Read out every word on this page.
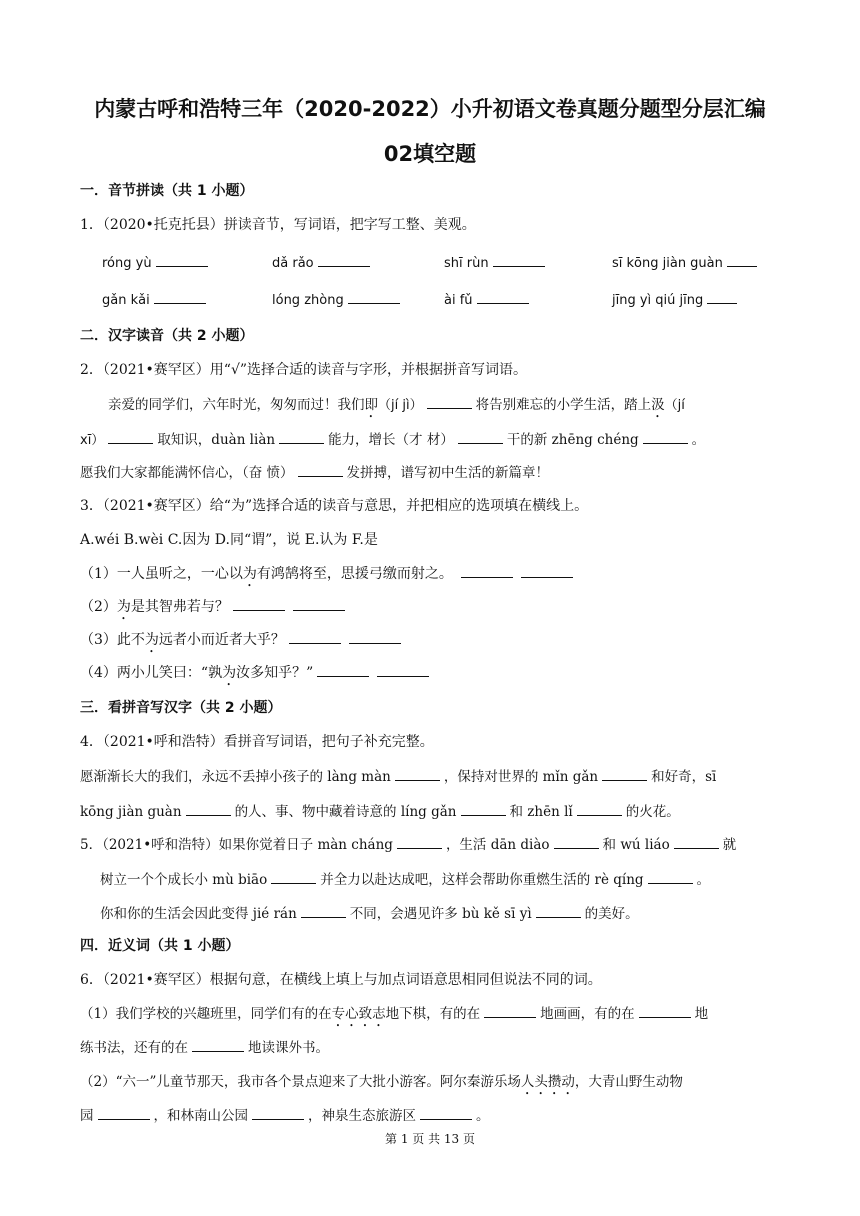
内蒙古呼和浩特三年（2020-2022）小升初语文卷真题分题型分层汇编
02填空题
一．音节拼读（共 1 小题）
1．（2020•托克托县）拼读音节，写词语，把字写工整、美观。
róng yù	dǎ rǎo	shī rùn	sī kōng jiàn guàn
gǎn kǎi	lóng zhòng	ài fǔ	jīng yì qiú jīng
二．汉字读音（共 2 小题）
2．（2021•赛罕区）用“√”选择合适的读音与字形，并根据拼音写词语。
亲爱的同学们，六年时光，匆匆而过！我们即（jí jì）	将告别难忘的小学生活，踏上汲（jí
xī）	取知识，duàn liàn	能力，增长（才 材）	干的新 zhēng chéng	。
愿我们大家都能满怀信心，（奋 愤）	发拼搏，谱写初中生活的新篇章！
3．（2021•赛罕区）给“为”选择合适的读音与意思，并把相应的选项填在横线上。
A.wéi B.wèi C.因为 D.同“谓”，说 E.认为 F.是
（1）一人虽听之，一心以为有鸿鹄将至，思援弓缴而射之。
（2）为是其智弗若与？
（3）此不为远者小而近者大乎？
（4）两小儿笑曰：“孰为汝多知乎？”
三．看拼音写汉字（共 2 小题）
4．（2021•呼和浩特）看拼音写词语，把句子补充完整。
愿渐渐长大的我们，永远不丢掉小孩子的 làng màn	，保持对世界的 mǐn gǎn	和好奇，sī
kōng jiàn guàn	的人、事、物中藏着诗意的 líng gǎn	和 zhēn lǐ	的火花。
5．（2021•呼和浩特）如果你觉着日子 màn cháng	，生活 dān diào	和 wú liáo	就
树立一个个成长小 mù biāo	并全力以赴达成吧，这样会帮助你重燃生活的 rè qíng	。
你和你的生活会因此变得 jié rán	不同，会遇见许多 bù kě sī yì	的美好。
四．近义词（共 1 小题）
6．（2021•赛罕区）根据句意，在横线上填上与加点词语意思相同但说法不同的词。
（1）我们学校的兴趣班里，同学们有的在专心致志地下棋，有的在	地画画，有的在	地
练书法，还有的在	地读课外书。
（2）“六一”儿童节那天，我市各个景点迎来了大批小游客。阿尔秦游乐场人头攒动，大青山野生动物
园	，和林南山公园	，神泉生态旅游区	。
第 1 页 共 13 页
